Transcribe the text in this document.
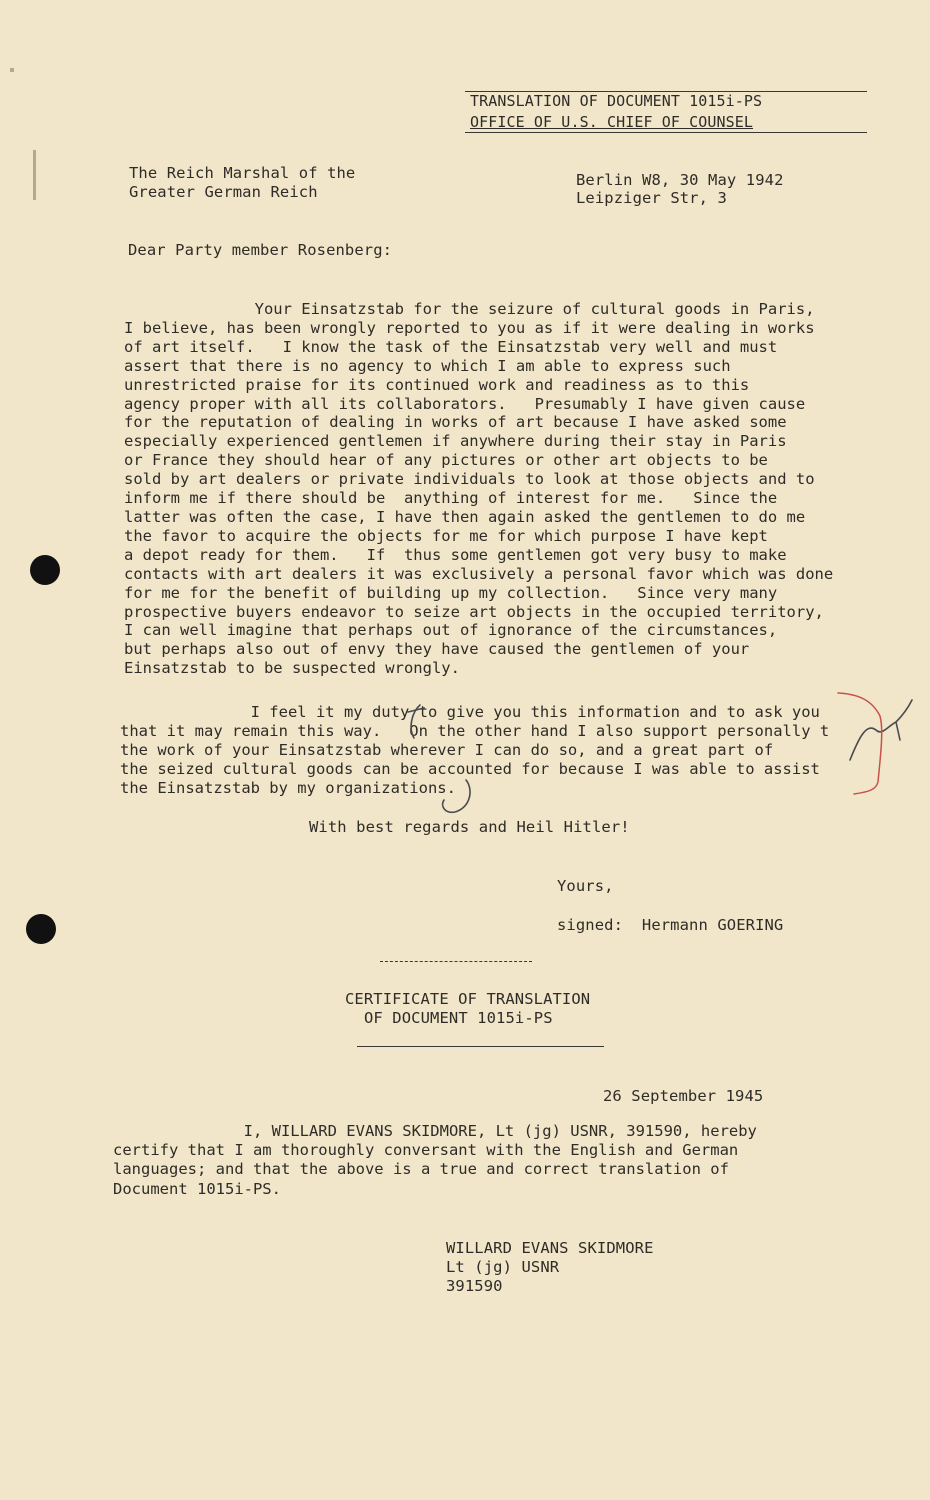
TRANSLATION OF DOCUMENT 1015i-PS
OFFICE OF U.S. CHIEF OF COUNSEL
The Reich Marshal of the
Greater German Reich
Berlin W8, 30 May 1942
Leipziger Str, 3
Dear Party member Rosenberg:
Your Einsatzstab for the seizure of cultural goods in Paris,
I believe, has been wrongly reported to you as if it were dealing in works
of art itself.   I know the task of the Einsatzstab very well and must
assert that there is no agency to which I am able to express such
unrestricted praise for its continued work and readiness as to this
agency proper with all its collaborators.   Presumably I have given cause
for the reputation of dealing in works of art because I have asked some
especially experienced gentlemen if anywhere during their stay in Paris
or France they should hear of any pictures or other art objects to be
sold by art dealers or private individuals to look at those objects and to
inform me if there should be  anything of interest for me.   Since the
latter was often the case, I have then again asked the gentlemen to do me
the favor to acquire the objects for me for which purpose I have kept
a depot ready for them.   If  thus some gentlemen got very busy to make
contacts with art dealers it was exclusively a personal favor which was done
for me for the benefit of building up my collection.   Since very many
prospective buyers endeavor to seize art objects in the occupied territory,
I can well imagine that perhaps out of ignorance of the circumstances,
but perhaps also out of envy they have caused the gentlemen of your
Einsatzstab to be suspected wrongly.
I feel it my duty to give you this information and to ask you
that it may remain this way.   On the other hand I also support personally t
the work of your Einsatzstab wherever I can do so, and a great part of
the seized cultural goods can be accounted for because I was able to assist
the Einsatzstab by my organizations.
With best regards and Heil Hitler!
Yours,
signed:  Hermann GOERING
CERTIFICATE OF TRANSLATION
OF DOCUMENT 1015i-PS
26 September 1945
I, WILLARD EVANS SKIDMORE, Lt (jg) USNR, 391590, hereby
certify that I am thoroughly conversant with the English and German
languages; and that the above is a true and correct translation of
Document 1015i-PS.
WILLARD EVANS SKIDMORE
Lt (jg) USNR
391590
